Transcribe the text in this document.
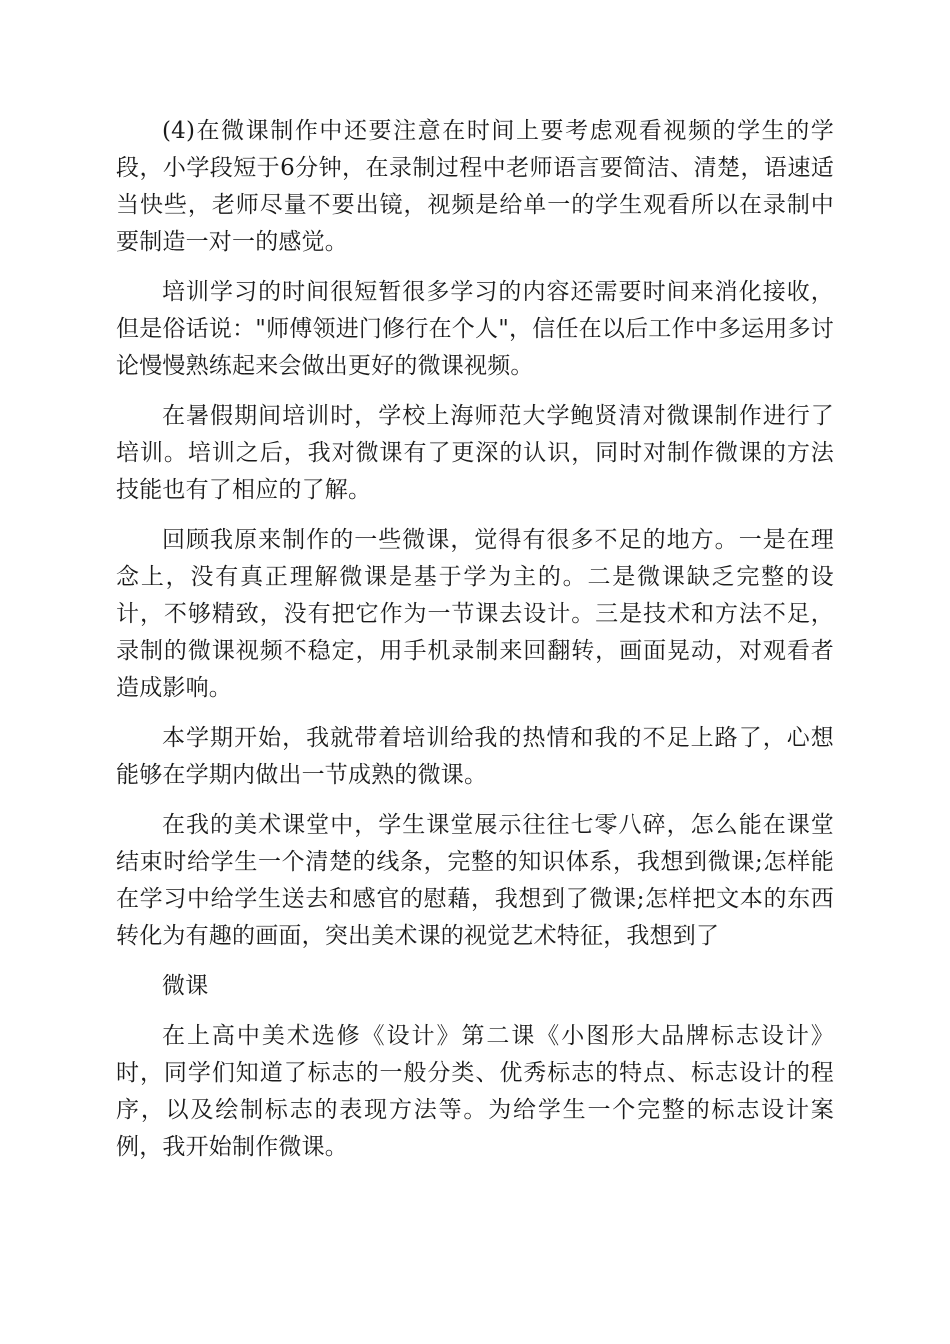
(4)在微课制作中还要注意在时间上要考虑观看视频的学生的学段，小学段短于6分钟，在录制过程中老师语言要简洁、清楚，语速适当快些，老师尽量不要出镜，视频是给单一的学生观看所以在录制中要制造一对一的感觉。

培训学习的时间很短暂很多学习的内容还需要时间来消化接收，但是俗话说："师傅领进门修行在个人"，信任在以后工作中多运用多讨论慢慢熟练起来会做出更好的微课视频。

在暑假期间培训时，学校上海师范大学鲍贤清对微课制作进行了培训。培训之后，我对微课有了更深的认识，同时对制作微课的方法技能也有了相应的了解。

回顾我原来制作的一些微课，觉得有很多不足的地方。一是在理念上，没有真正理解微课是基于学为主的。二是微课缺乏完整的设计，不够精致，没有把它作为一节课去设计。三是技术和方法不足，录制的微课视频不稳定，用手机录制来回翻转，画面晃动，对观看者造成影响。

本学期开始，我就带着培训给我的热情和我的不足上路了，心想能够在学期内做出一节成熟的微课。

在我的美术课堂中，学生课堂展示往往七零八碎，怎么能在课堂结束时给学生一个清楚的线条，完整的知识体系，我想到微课;怎样能在学习中给学生送去和感官的慰藉，我想到了微课;怎样把文本的东西转化为有趣的画面，突出美术课的视觉艺术特征，我想到了

微课

在上高中美术选修《设计》第二课《小图形大品牌标志设计》时，同学们知道了标志的一般分类、优秀标志的特点、标志设计的程序，以及绘制标志的表现方法等。为给学生一个完整的标志设计案例，我开始制作微课。
